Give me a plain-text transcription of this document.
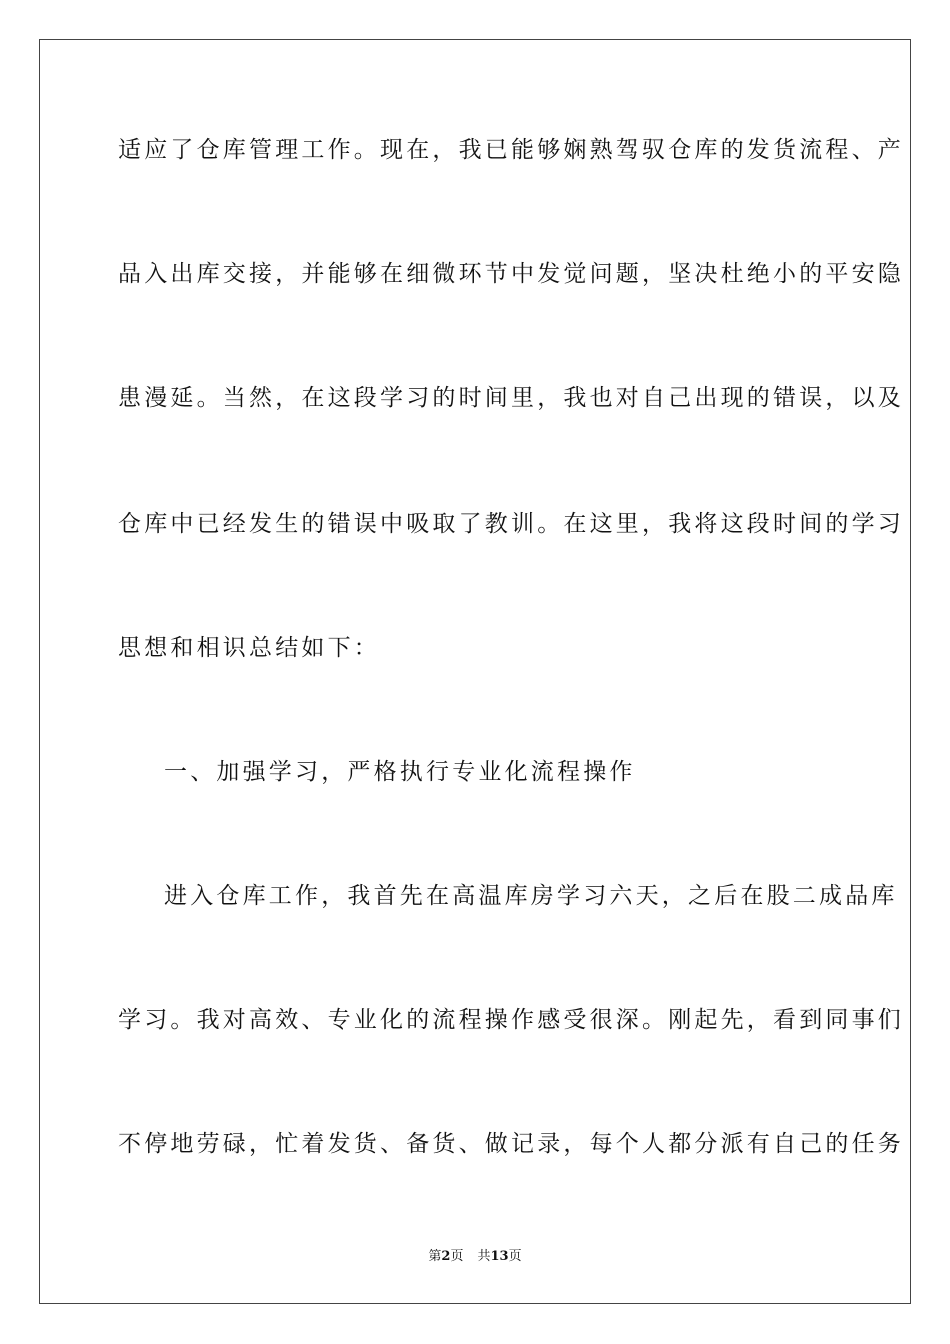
适应了仓库管理工作。现在，我已能够娴熟驾驭仓库的发货流程、产
品入出库交接，并能够在细微环节中发觉问题，坚决杜绝小的平安隐
患漫延。当然，在这段学习的时间里，我也对自己出现的错误，以及
仓库中已经发生的错误中吸取了教训。在这里，我将这段时间的学习
思想和相识总结如下：
一、加强学习，严格执行专业化流程操作
进入仓库工作，我首先在高温库房学习六天，之后在股二成品库
学习。我对高效、专业化的流程操作感受很深。刚起先，看到同事们
不停地劳碌，忙着发货、备货、做记录，每个人都分派有自己的任务
第2页 共13页
